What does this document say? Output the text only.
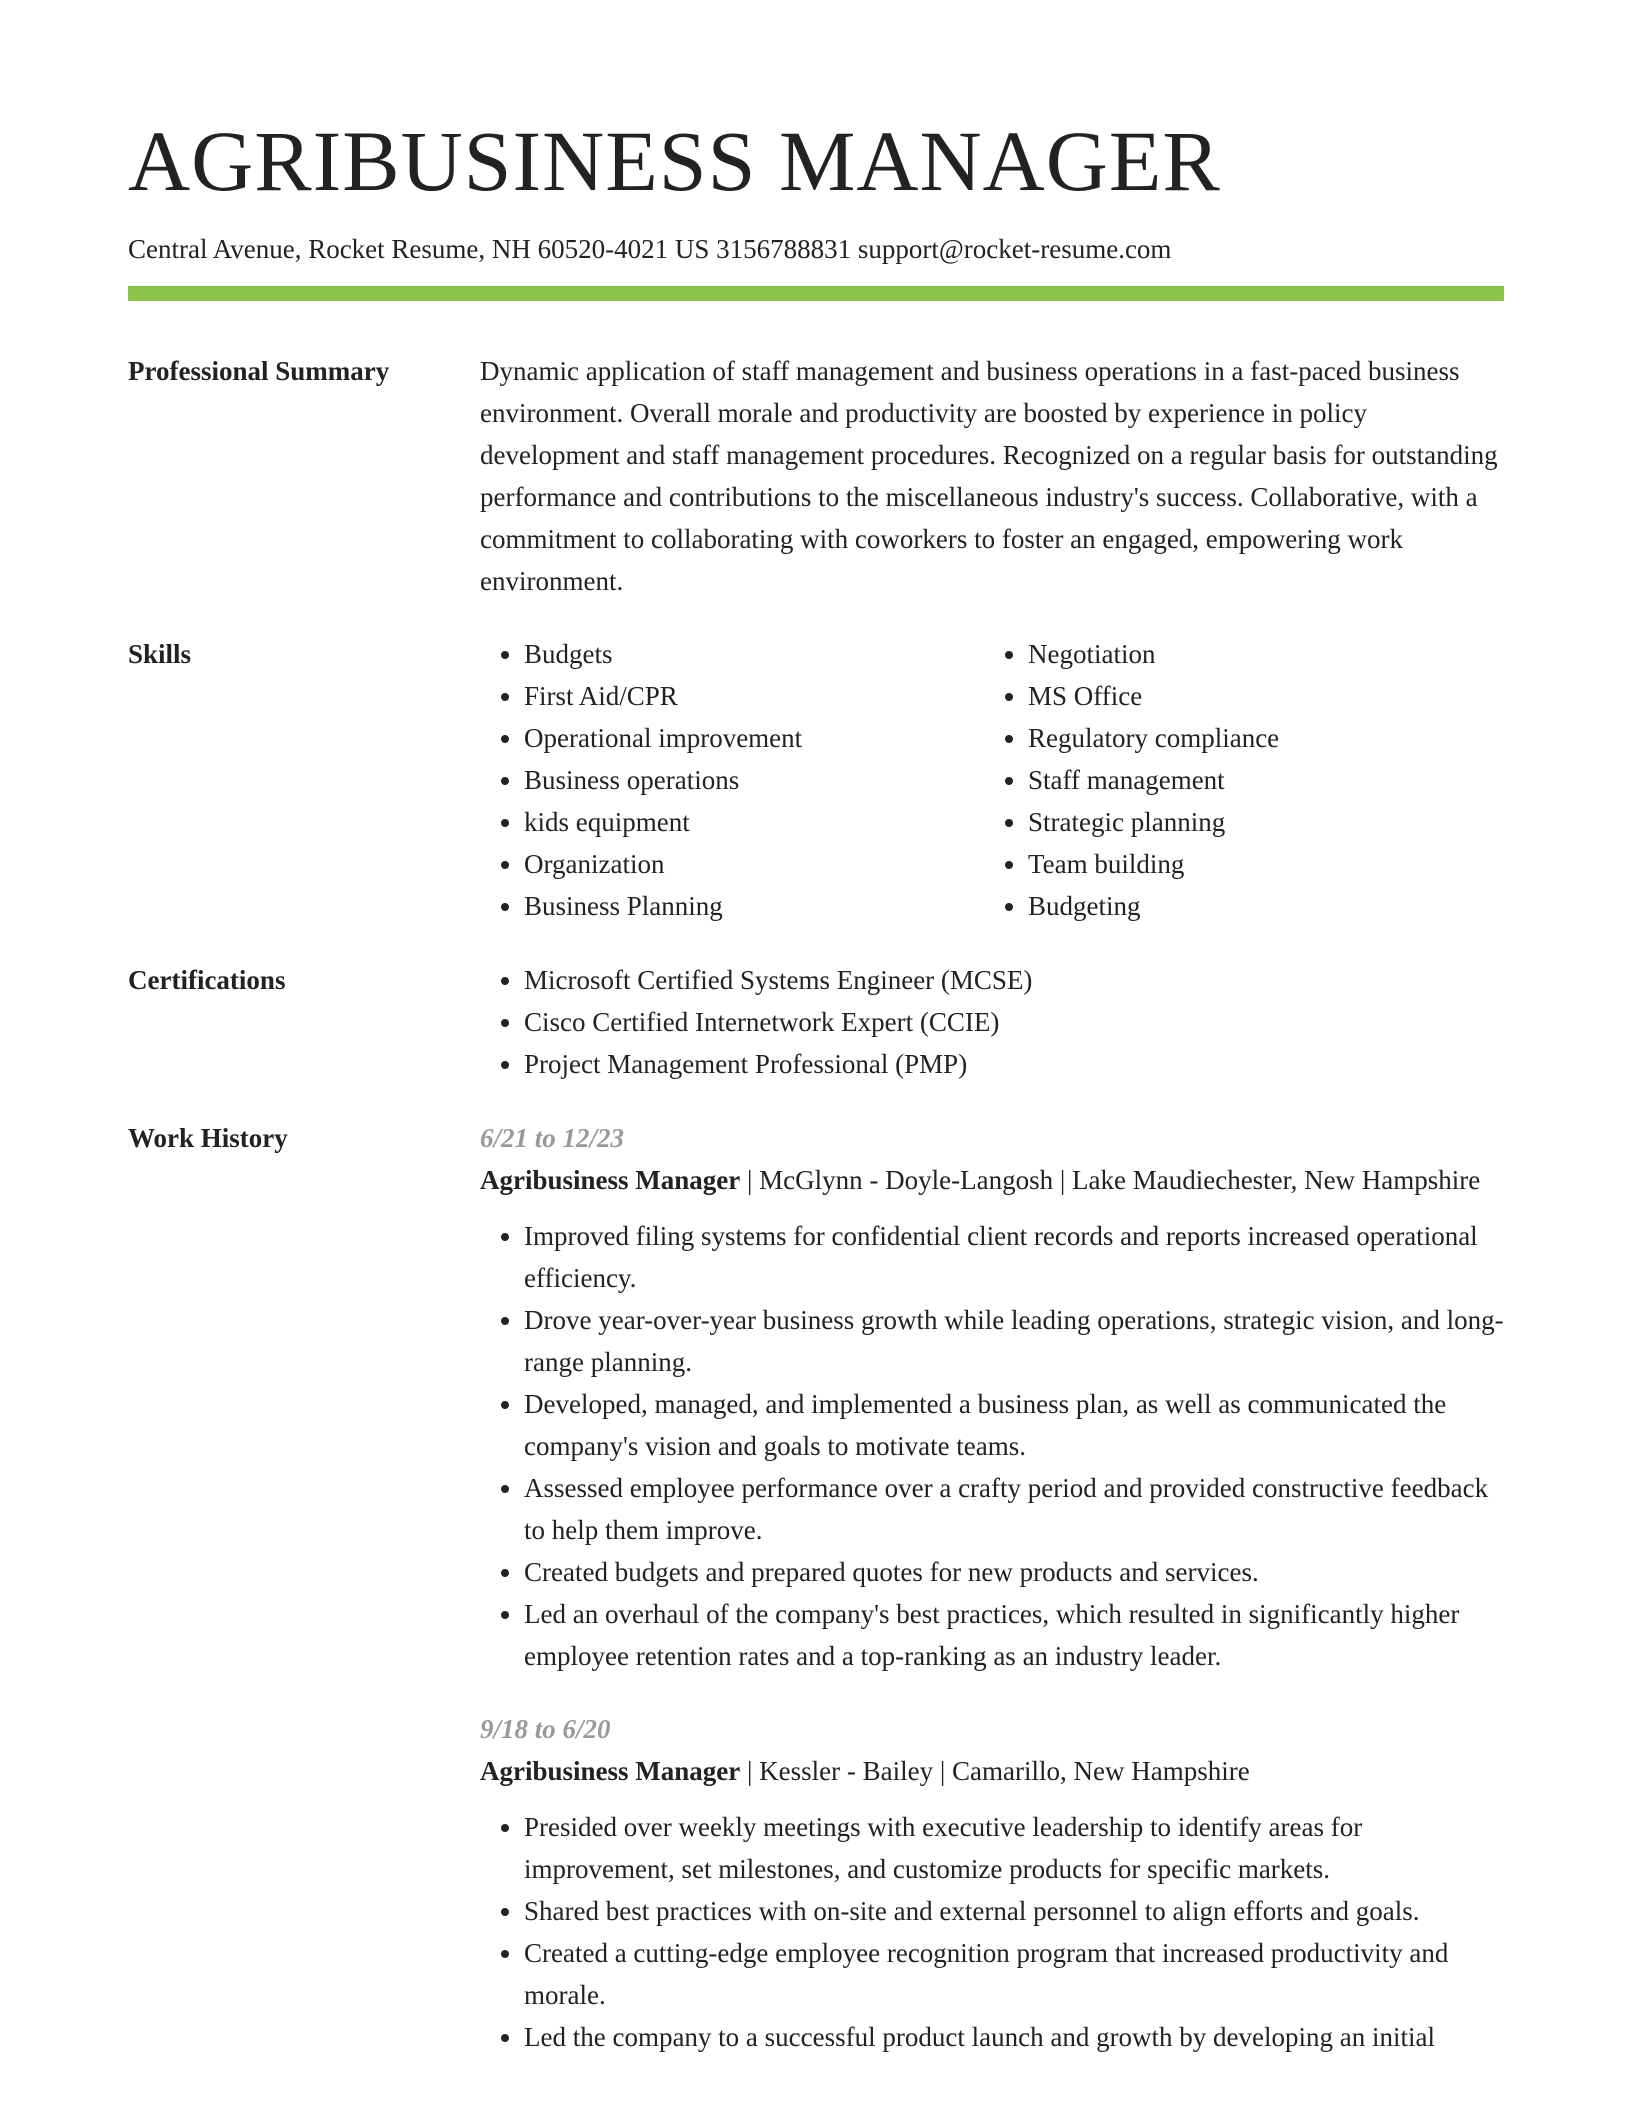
AGRIBUSINESS MANAGER
Central Avenue, Rocket Resume, NH 60520-4021 US 3156788831 support@rocket-resume.com
Professional Summary	Dynamic application of staff management and business operations in a fast-paced business environment. Overall morale and productivity are boosted by experience in policy development and staff management procedures. Recognized on a regular basis for outstanding performance and contributions to the miscellaneous industry's success. Collaborative, with a commitment to collaborating with coworkers to foster an engaged, empowering work environment.

Skills	• Budgets
• First Aid/CPR
• Operational improvement
• Business operations
• kids equipment
• Organization
• Business Planning
• Negotiation
• MS Office
• Regulatory compliance
• Staff management
• Strategic planning
• Team building
• Budgeting
Certifications	• Microsoft Certified Systems Engineer (MCSE)
• Cisco Certified Internetwork Expert (CCIE)
• Project Management Professional (PMP)
Work History	6/21 to 12/23
Agribusiness Manager | McGlynn - Doyle-Langosh | Lake Maudiechester, New Hampshire
• Improved filing systems for confidential client records and reports increased operational efficiency.
• Drove year-over-year business growth while leading operations, strategic vision, and long-range planning.
• Developed, managed, and implemented a business plan, as well as communicated the company's vision and goals to motivate teams.
• Assessed employee performance over a crafty period and provided constructive feedback to help them improve.
• Created budgets and prepared quotes for new products and services.
• Led an overhaul of the company's best practices, which resulted in significantly higher employee retention rates and a top-ranking as an industry leader.
9/18 to 6/20
Agribusiness Manager | Kessler - Bailey | Camarillo, New Hampshire
• Presided over weekly meetings with executive leadership to identify areas for improvement, set milestones, and customize products for specific markets.
• Shared best practices with on-site and external personnel to align efforts and goals.
• Created a cutting-edge employee recognition program that increased productivity and morale.
• Led the company to a successful product launch and growth by developing an initial
